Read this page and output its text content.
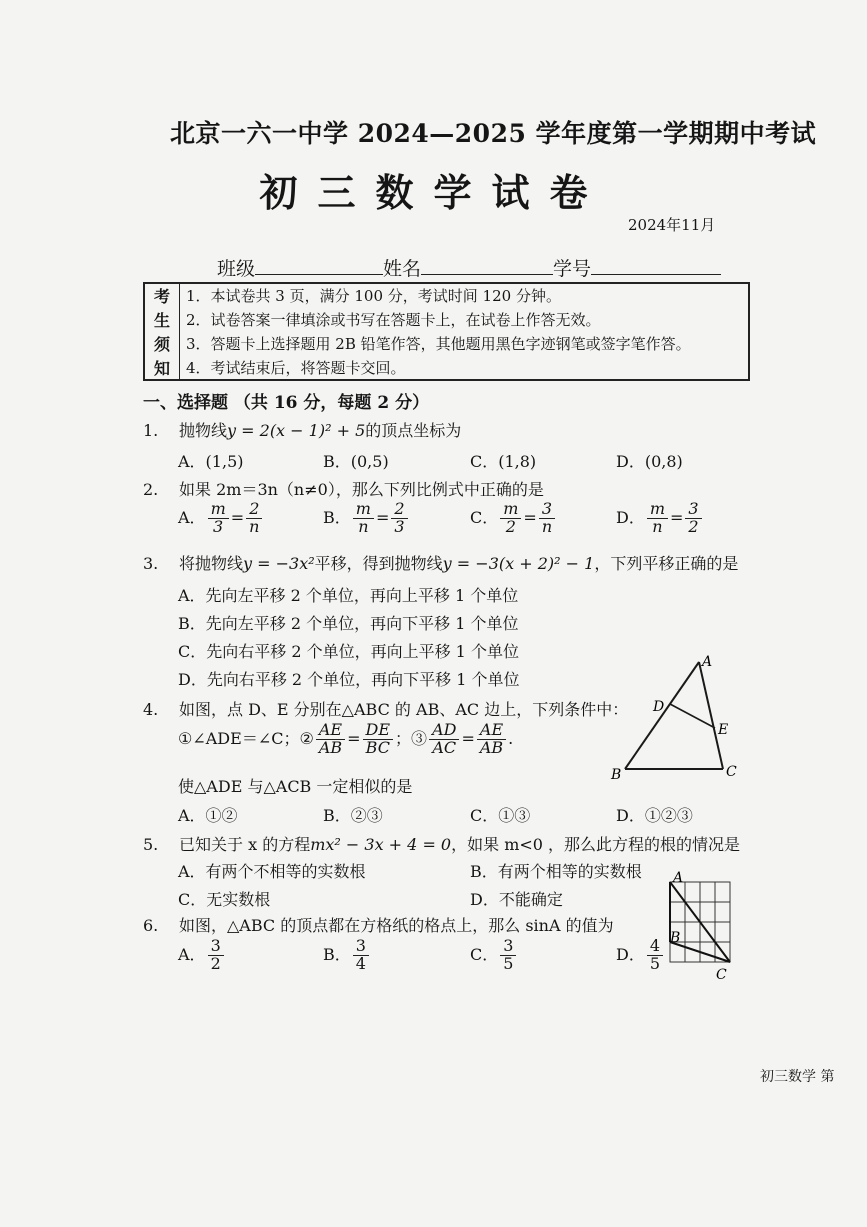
北京一六一中学 2024—2025 学年度第一学期期中考试
初三数学试卷
2024年11月
班级	姓名	学号
考
生
须
知
1．本试卷共 3 页，满分 100 分，考试时间 120 分钟。
2．试卷答案一律填涂或书写在答题卡上，在试卷上作答无效。
3．答题卡上选择题用 2B 铅笔作答，其他题用黑色字迹钢笔或签字笔作答。
4．考试结束后，将答题卡交回。
一、选择题 （共 16 分，每题 2 分）
1. 抛物线y = 2(x − 1)² + 5的顶点坐标为
A．(1,5)	B．(0,5)	C．(1,8)	D．(0,8)
2. 如果 2m＝3n（n≠0），那么下列比例式中正确的是
A． $\frac{m}{3} = \frac{2}{n}$	B． $\frac{m}{n} = \frac{2}{3}$	C． $\frac{m}{2} = \frac{3}{n}$	D． $\frac{m}{n} = \frac{3}{2}$
3. 将抛物线y = −3x²平移，得到抛物线y = −3(x + 2)² − 1，下列平移正确的是
A．先向左平移 2 个单位，再向上平移 1 个单位
B．先向左平移 2 个单位，再向下平移 1 个单位
C．先向右平移 2 个单位，再向上平移 1 个单位
D．先向右平移 2 个单位，再向下平移 1 个单位
4. 如图，点 D、E 分别在△ABC 的 AB、AC 边上，下列条件中：
①∠ADE＝∠C；② $\frac{AE}{AB} = \frac{DE}{BC}$ ；③ $\frac{AD}{AC} = \frac{AE}{AB}$ .
使△ADE 与△ACB 一定相似的是
A．①②	B．②③	C．①③	D．①②③
A
B	C
D
E
5. 已知关于 x 的方程mx² − 3x + 4 = 0，如果 m<0 ，那么此方程的根的情况是
A．有两个不相等的实数根	B．有两个相等的实数根
C．无实数根	D．不能确定
6. 如图，△ABC 的顶点都在方格纸的格点上，那么 sinA 的值为
A． $\frac{3}{2}$	B． $\frac{3}{4}$	C． $\frac{3}{5}$	D． $\frac{4}{5}$
A
B
C
初三数学 第
